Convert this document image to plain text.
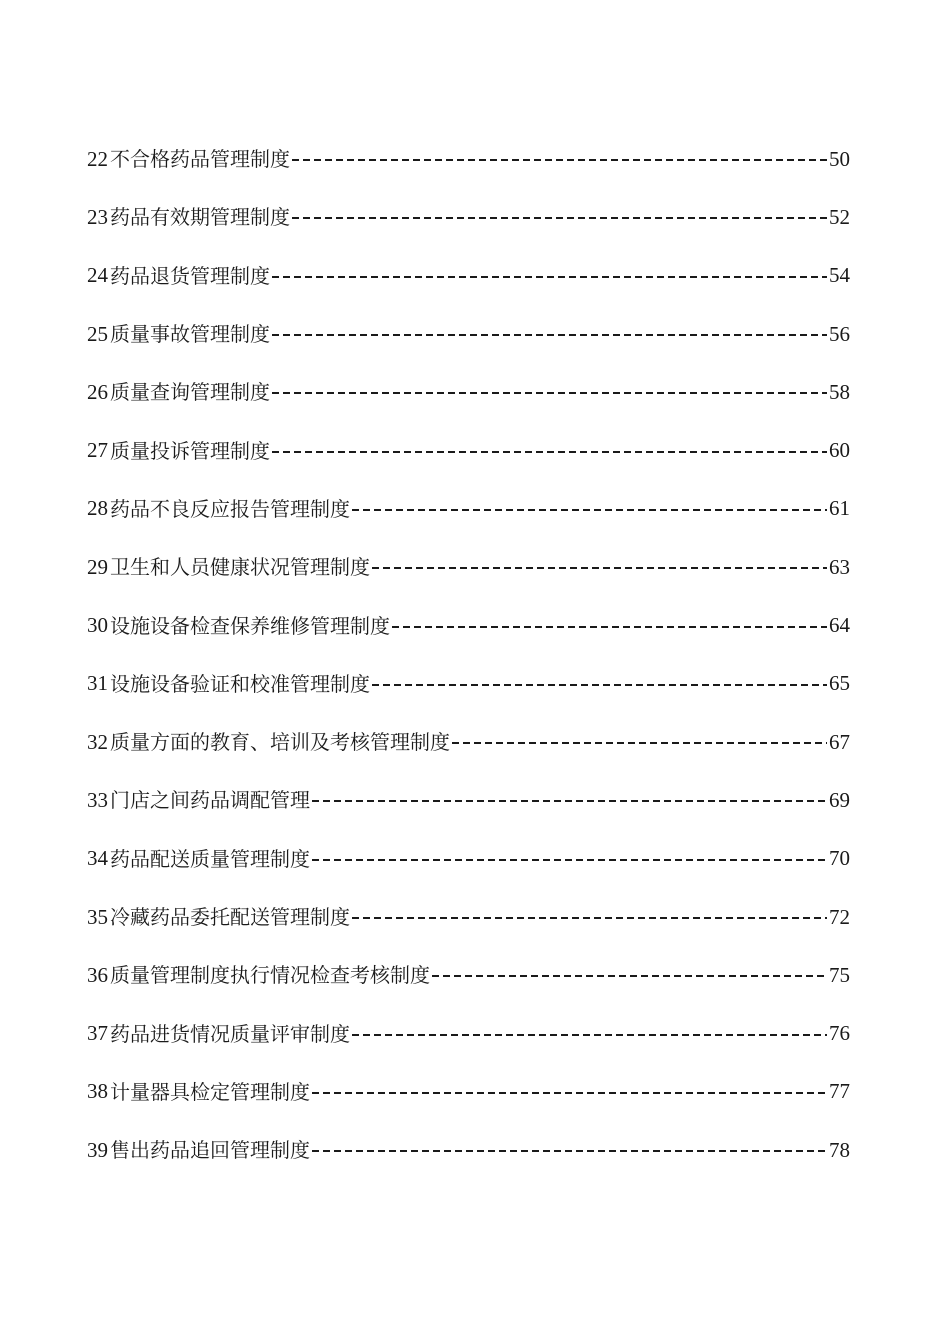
22 不合格药品管理制度	50
23 药品有效期管理制度	52
24 药品退货管理制度	54
25 质量事故管理制度	56
26 质量查询管理制度	58
27 质量投诉管理制度	60
28 药品不良反应报告管理制度	61
29 卫生和人员健康状况管理制度	63
30 设施设备检查保养维修管理制度	64
31 设施设备验证和校准管理制度	65
32 质量方面的教育、培训及考核管理制度	67
33 门店之间药品调配管理	69
34 药品配送质量管理制度	70
35 冷藏药品委托配送管理制度	72
36 质量管理制度执行情况检查考核制度	75
37 药品进货情况质量评审制度	76
38 计量器具检定管理制度	77
39 售出药品追回管理制度	78
